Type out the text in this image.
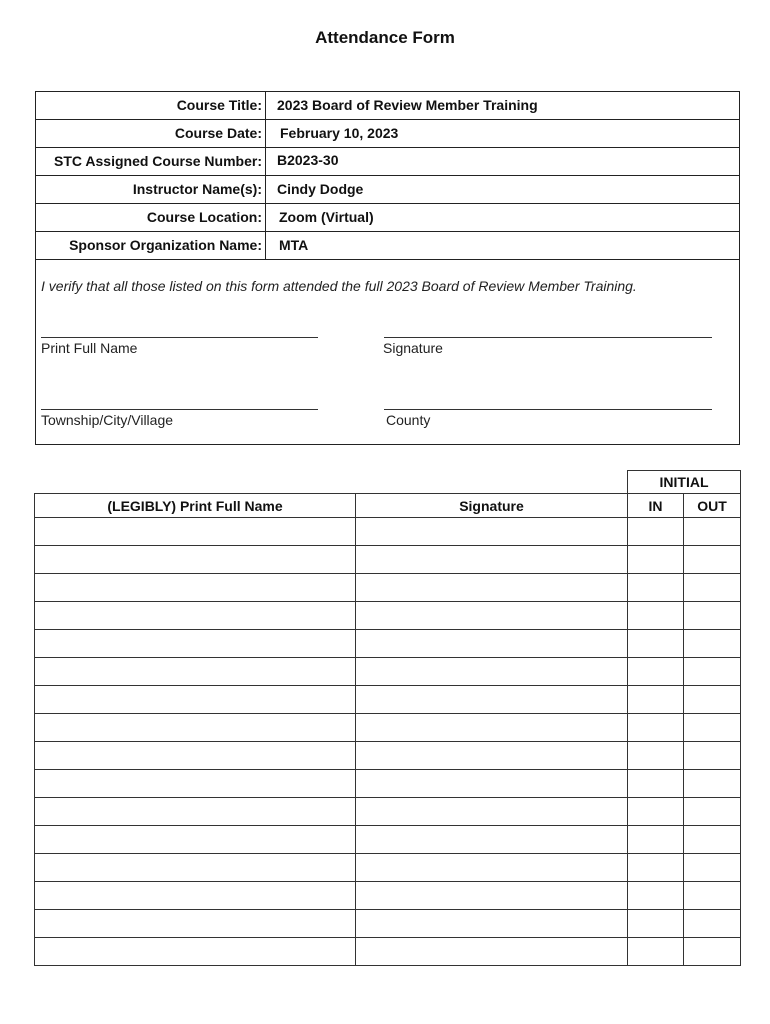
Attendance Form
Course Title: 2023 Board of Review Member Training
Course Date: February 10, 2023
STC Assigned Course Number: B2023-30
Instructor Name(s): Cindy Dodge
Course Location: Zoom (Virtual)
Sponsor Organization Name: MTA
I verify that all those listed on this form attended the full 2023 Board of Review Member Training.
Print Full Name	Signature
Township/City/Village	County
		INITIAL	
(LEGIBLY) Print Full Name	Signature	IN	OUT
